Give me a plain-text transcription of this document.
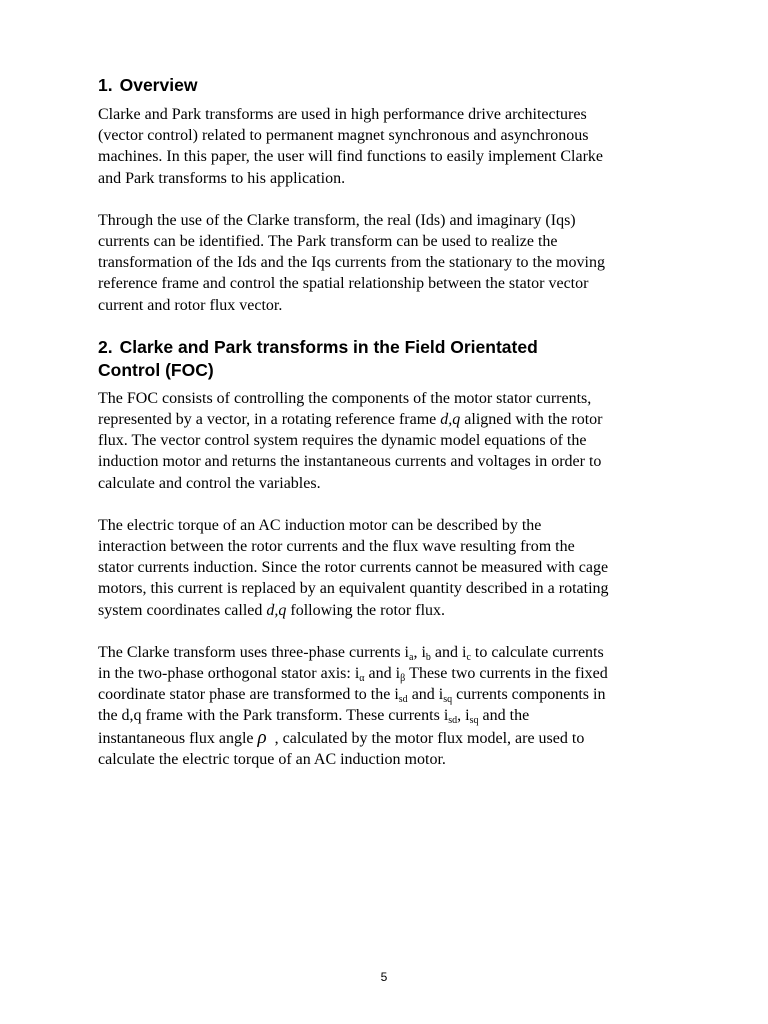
1. Overview

Clarke and Park transforms are used in high performance drive architectures
(vector control) related to permanent magnet synchronous and asynchronous
machines. In this paper, the user will find functions to easily implement Clarke
and Park transforms to his application.

Through the use of the Clarke transform, the real (Ids) and imaginary (Iqs)
currents can be identified. The Park transform can be used to realize the
transformation of the Ids and the Iqs currents from the stationary to the moving
reference frame and control the spatial relationship between the stator vector
current and rotor flux vector.

2. Clarke and Park transforms in the Field Orientated
Control (FOC)

The FOC consists of controlling the components of the motor stator currents,
represented by a vector, in a rotating reference frame d,q aligned with the rotor
flux. The vector control system requires the dynamic model equations of the
induction motor and returns the instantaneous currents and voltages in order to
calculate and control the variables.

The electric torque of an AC induction motor can be described by the
interaction between the rotor currents and the flux wave resulting from the
stator currents induction. Since the rotor currents cannot be measured with cage
motors, this current is replaced by an equivalent quantity described in a rotating
system coordinates called d,q following the rotor flux.

The Clarke transform uses three-phase currents $i_a$, $i_b$ and $i_c$ to calculate currents
in the two-phase orthogonal stator axis: $i_\alpha$ and $i_\beta$ These two currents in the fixed
coordinate stator phase are transformed to the $i_{sd}$ and $i_{sq}$ currents components in
the d,q frame with the Park transform. These currents $i_{sd}$, $i_{sq}$ and the
instantaneous flux angle ρ , calculated by the motor flux model, are used to
calculate the electric torque of an AC induction motor.

5
